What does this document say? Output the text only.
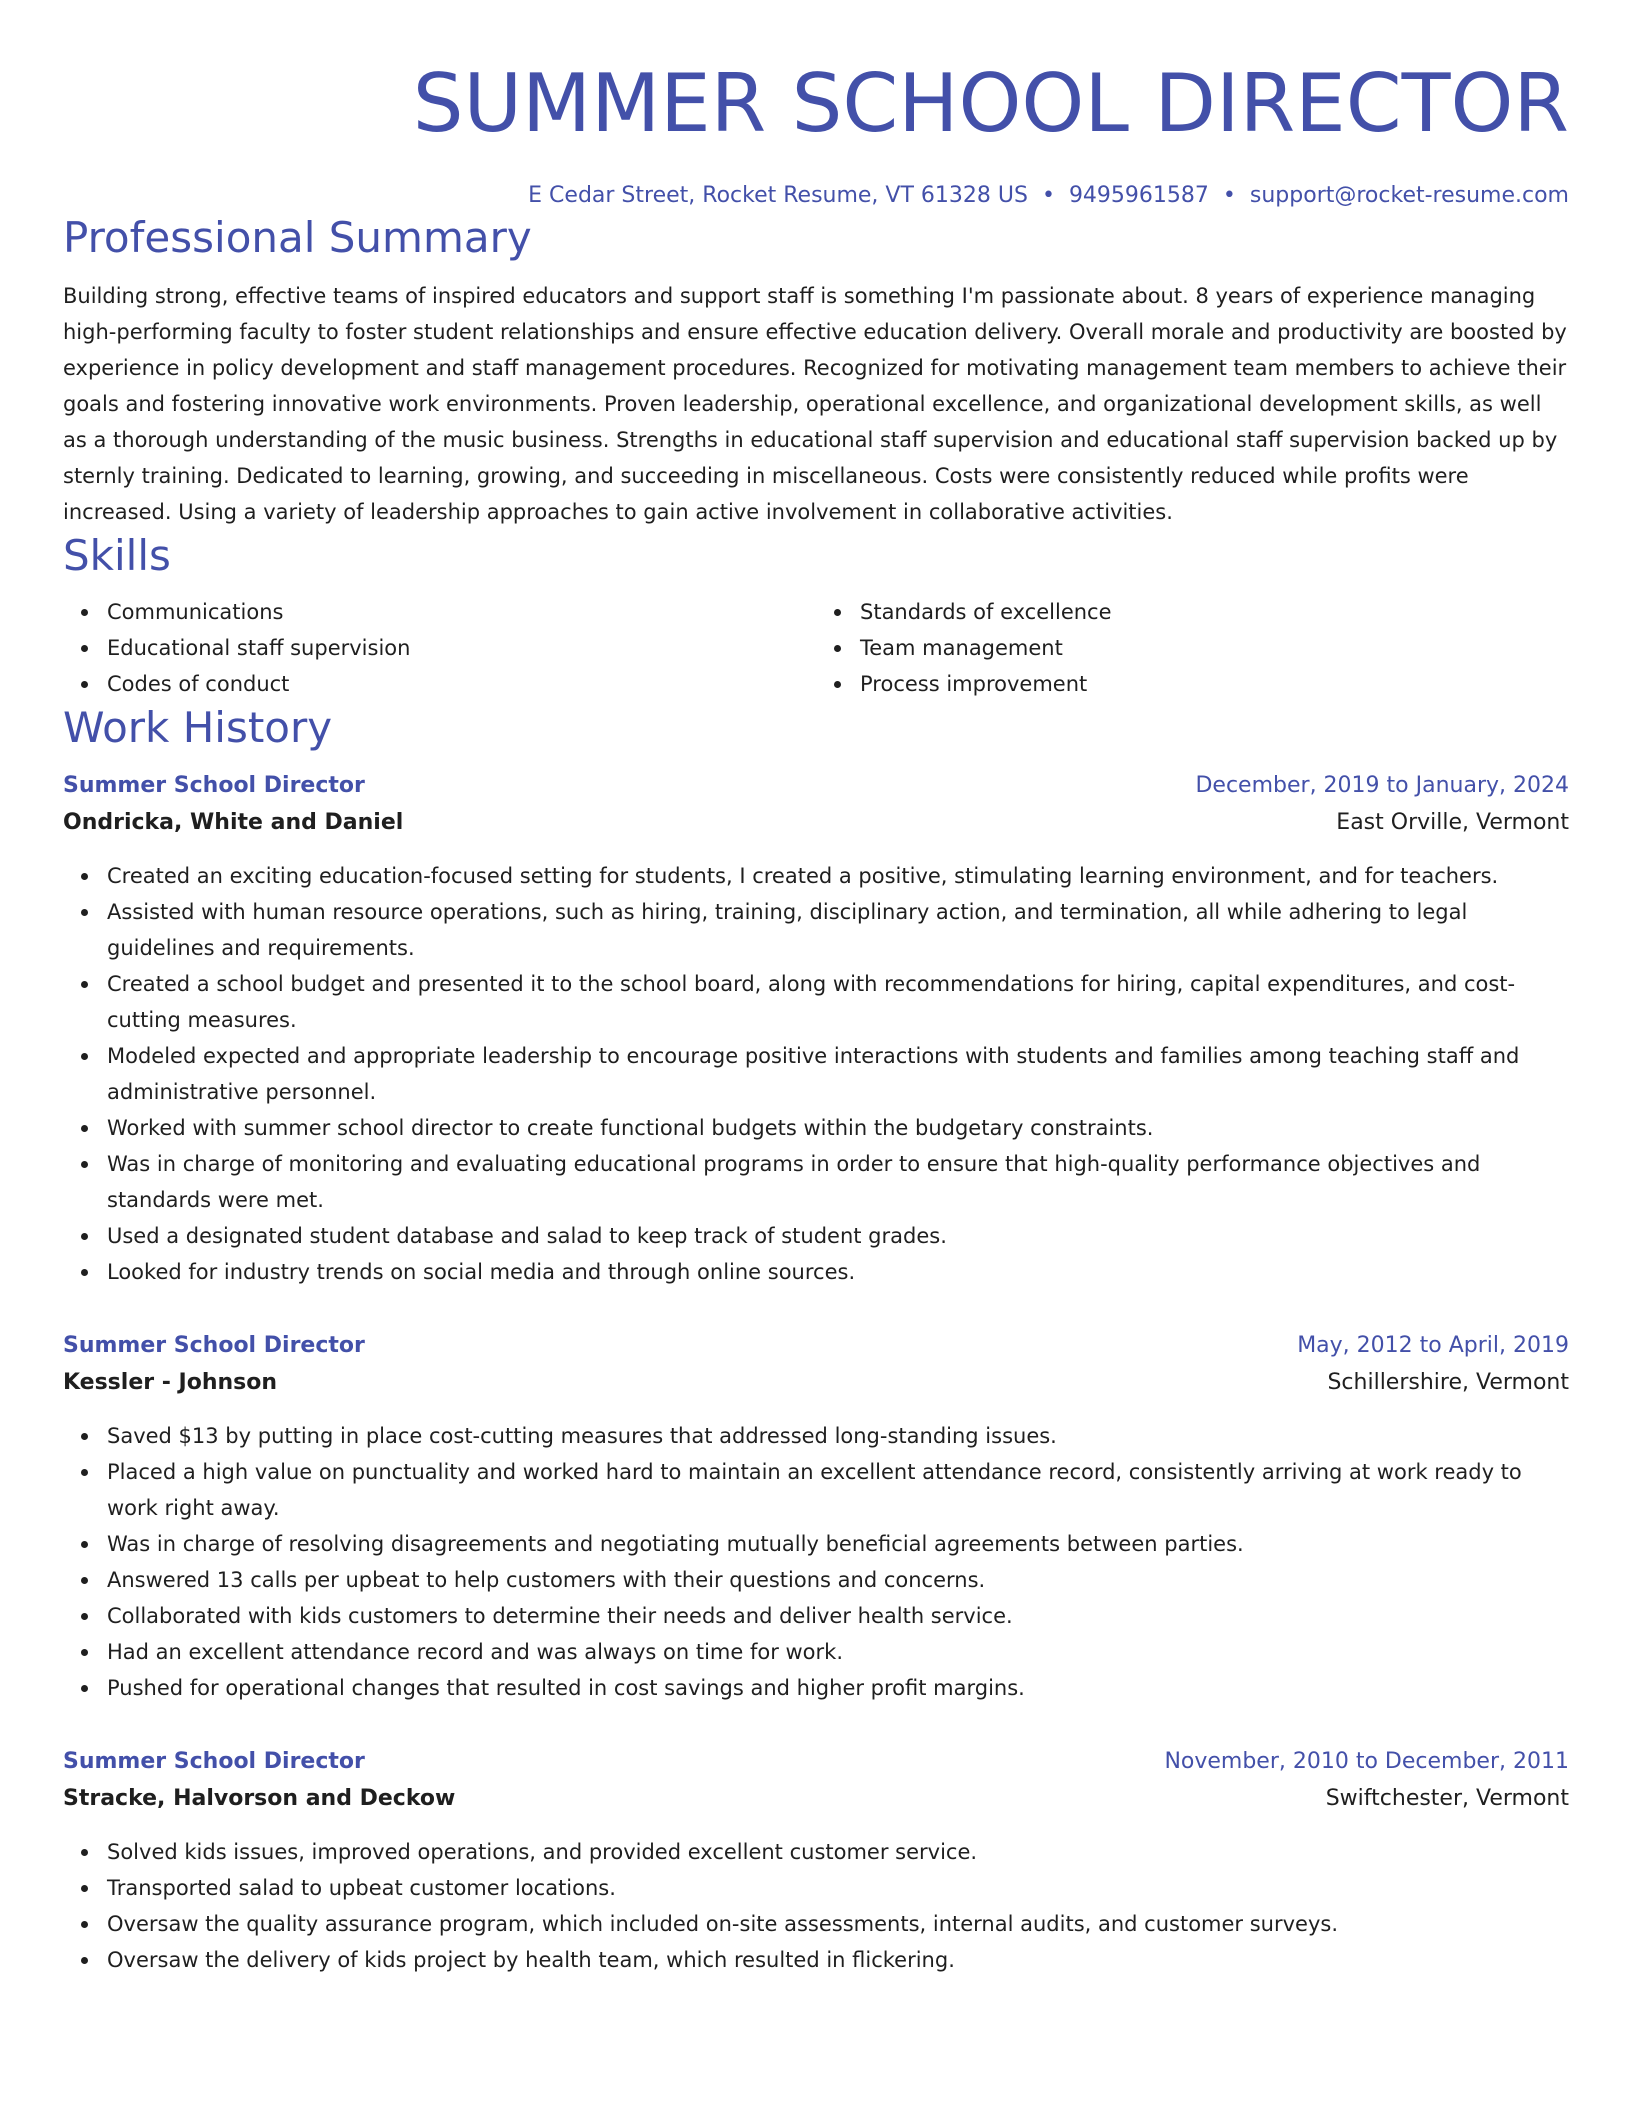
SUMMER SCHOOL DIRECTOR
E Cedar Street, Rocket Resume, VT 61328 US • 9495961587 • support@rocket-resume.com
Professional Summary

Building strong, effective teams of inspired educators and support staff is something I'm passionate about. 8 years of experience managing high-performing faculty to foster student relationships and ensure effective education delivery. Overall morale and productivity are boosted by experience in policy development and staff management procedures. Recognized for motivating management team members to achieve their goals and fostering innovative work environments. Proven leadership, operational excellence, and organizational development skills, as well as a thorough understanding of the music business. Strengths in educational staff supervision and educational staff supervision backed up by sternly training. Dedicated to learning, growing, and succeeding in miscellaneous. Costs were consistently reduced while profits were increased. Using a variety of leadership approaches to gain active involvement in collaborative activities.

Skills
Communications
Educational staff supervision
Codes of conduct
Standards of excellence
Team management
Process improvement
Work History
Summer School Director	December, 2019 to January, 2024
Ondricka, White and Daniel	East Orville, Vermont
Created an exciting education-focused setting for students, I created a positive, stimulating learning environment, and for teachers.
Assisted with human resource operations, such as hiring, training, disciplinary action, and termination, all while adhering to legal guidelines and requirements.
Created a school budget and presented it to the school board, along with recommendations for hiring, capital expenditures, and cost-cutting measures.
Modeled expected and appropriate leadership to encourage positive interactions with students and families among teaching staff and administrative personnel.
Worked with summer school director to create functional budgets within the budgetary constraints.
Was in charge of monitoring and evaluating educational programs in order to ensure that high-quality performance objectives and standards were met.
Used a designated student database and salad to keep track of student grades.
Looked for industry trends on social media and through online sources.
Summer School Director	May, 2012 to April, 2019
Kessler - Johnson	Schillershire, Vermont
Saved $13 by putting in place cost-cutting measures that addressed long-standing issues.
Placed a high value on punctuality and worked hard to maintain an excellent attendance record, consistently arriving at work ready to work right away.
Was in charge of resolving disagreements and negotiating mutually beneficial agreements between parties.
Answered 13 calls per upbeat to help customers with their questions and concerns.
Collaborated with kids customers to determine their needs and deliver health service.
Had an excellent attendance record and was always on time for work.
Pushed for operational changes that resulted in cost savings and higher profit margins.
Summer School Director	November, 2010 to December, 2011
Stracke, Halvorson and Deckow	Swiftchester, Vermont
Solved kids issues, improved operations, and provided excellent customer service.
Transported salad to upbeat customer locations.
Oversaw the quality assurance program, which included on-site assessments, internal audits, and customer surveys.
Oversaw the delivery of kids project by health team, which resulted in flickering.
